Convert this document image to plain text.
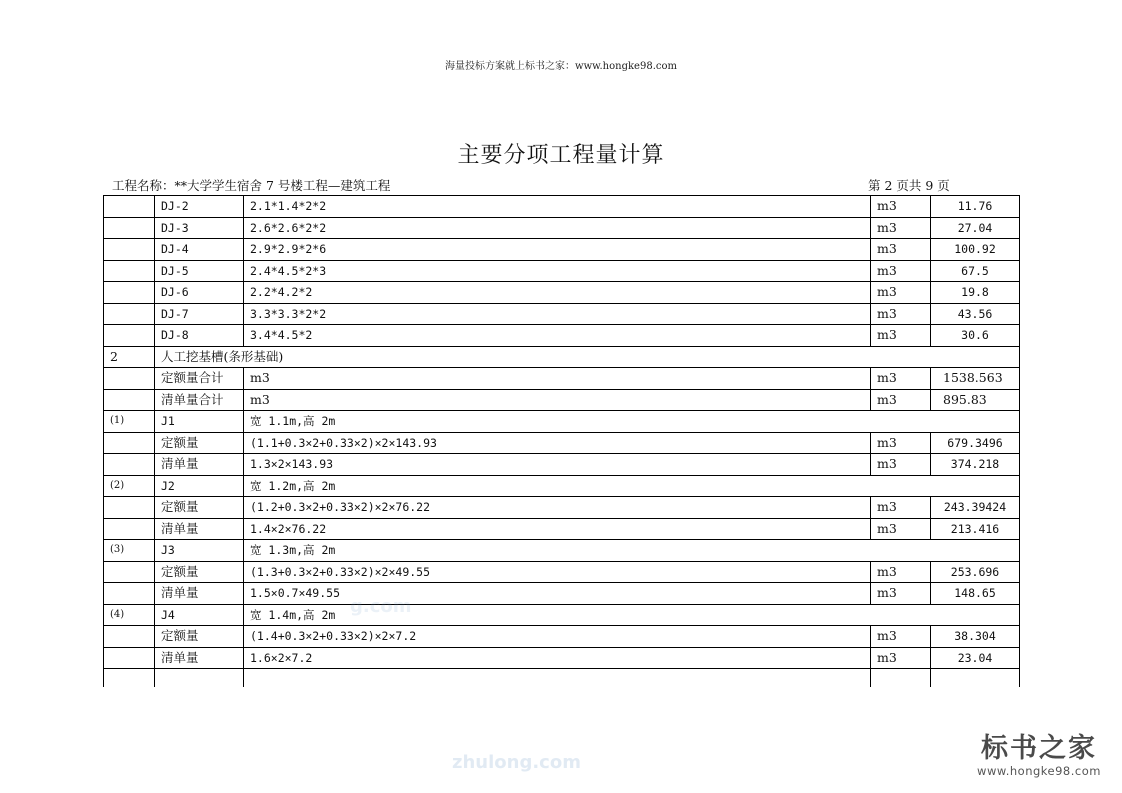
海量投标方案就上标书之家：www.hongke98.com
主要分项工程量计算
工程名称：**大学学生宿舍 7 号楼工程—建筑工程	第 2 页共 9 页
	DJ-2	2.1*1.4*2*2	m3	11.76
	DJ-3	2.6*2.6*2*2	m3	27.04
	DJ-4	2.9*2.9*2*6	m3	100.92
	DJ-5	2.4*4.5*2*3	m3	67.5
	DJ-6	2.2*4.2*2	m3	19.8
	DJ-7	3.3*3.3*2*2	m3	43.56
	DJ-8	3.4*4.5*2	m3	30.6
2	人工挖基槽(条形基础)			
	定额量合计	m3	m3	1538.563
	清单量合计	m3	m3	895.83
(1)	J1	宽 1.1m,高 2m		
	定额量	(1.1+0.3×2+0.33×2)×2×143.93	m3	679.3496
	清单量	1.3×2×143.93	m3	374.218
(2)	J2	宽 1.2m,高 2m		
	定额量	(1.2+0.3×2+0.33×2)×2×76.22	m3	243.39424
	清单量	1.4×2×76.22	m3	213.416
(3)	J3	宽 1.3m,高 2m		
	定额量	(1.3+0.3×2+0.33×2)×2×49.55	m3	253.696
	清单量	1.5×0.7×49.55	m3	148.65
(4)	J4	宽 1.4m,高 2m		
	定额量	(1.4+0.3×2+0.33×2)×2×7.2	m3	38.304
	清单量	1.6×2×7.2	m3	23.04

g.com
zhulong.com	标书之家
www.hongke98.com
